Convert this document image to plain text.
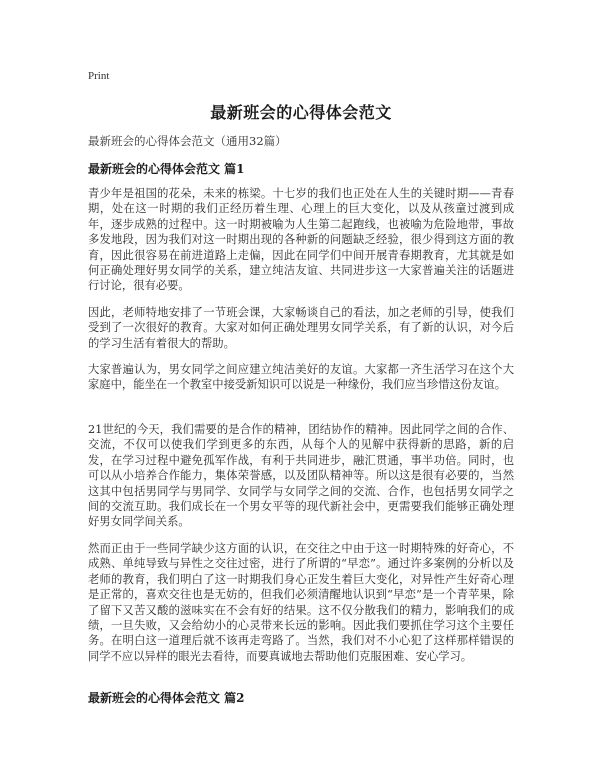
Print
最新班会的心得体会范文

最新班会的心得体会范文（通用32篇）

最新班会的心得体会范文 篇1

青少年是祖国的花朵，未来的栋梁。十七岁的我们也正处在人生的关键时期——青春期，处在这一时期的我们正经历着生理、心理上的巨大变化，以及从孩童过渡到成年，逐步成熟的过程中。这一时期被喻为人生第二起跑线，也被喻为危险地带，事故多发地段，因为我们对这一时期出现的各种新的问题缺乏经验，很少得到这方面的教育，因此很容易在前进道路上走偏，因此在同学们中间开展青春期教育，尤其就是如何正确处理好男女同学的关系，建立纯洁友谊、共同进步这一大家普遍关注的话题进行讨论，很有必要。

因此，老师特地安排了一节班会课，大家畅谈自己的看法，加之老师的引导，使我们受到了一次很好的教育。大家对如何正确处理男女同学关系，有了新的认识，对今后的学习生活有着很大的帮助。

大家普遍认为，男女同学之间应建立纯洁美好的友谊。大家都一齐生活学习在这个大家庭中，能坐在一个教室中接受新知识可以说是一种缘份，我们应当珍惜这份友谊。

21世纪的今天，我们需要的是合作的精神，团结协作的精神。因此同学之间的合作、交流，不仅可以使我们学到更多的东西，从每个人的见解中获得新的思路，新的启发，在学习过程中避免孤军作战，有利于共同进步，融汇贯通，事半功倍。同时，也可以从小培养合作能力，集体荣誉感，以及团队精神等。所以这是很有必要的，当然这其中包括男同学与男同学、女同学与女同学之间的交流、合作，也包括男女同学之间的交流互助。我们成长在一个男女平等的现代新社会中，更需要我们能够正确处理好男女同学间关系。

然而正由于一些同学缺少这方面的认识，在交往之中由于这一时期特殊的好奇心，不成熟、单纯导致与异性之交往过密，进行了所谓的“早恋”。通过许多案例的分析以及老师的教育，我们明白了这一时期我们身心正发生着巨大变化，对异性产生好奇心理是正常的，喜欢交往也是无妨的，但我们必须清醒地认识到“早恋”是一个青苹果，除了留下又苦又酸的滋味实在不会有好的结果。这不仅分散我们的精力，影响我们的成绩，一旦失败，又会给幼小的心灵带来长远的影响。因此我们要抓住学习这个主要任务。在明白这一道理后就不该再走弯路了。当然，我们对不小心犯了这样那样错误的同学不应以异样的眼光去看待，而要真诚地去帮助他们克服困难、安心学习。

最新班会的心得体会范文 篇2
